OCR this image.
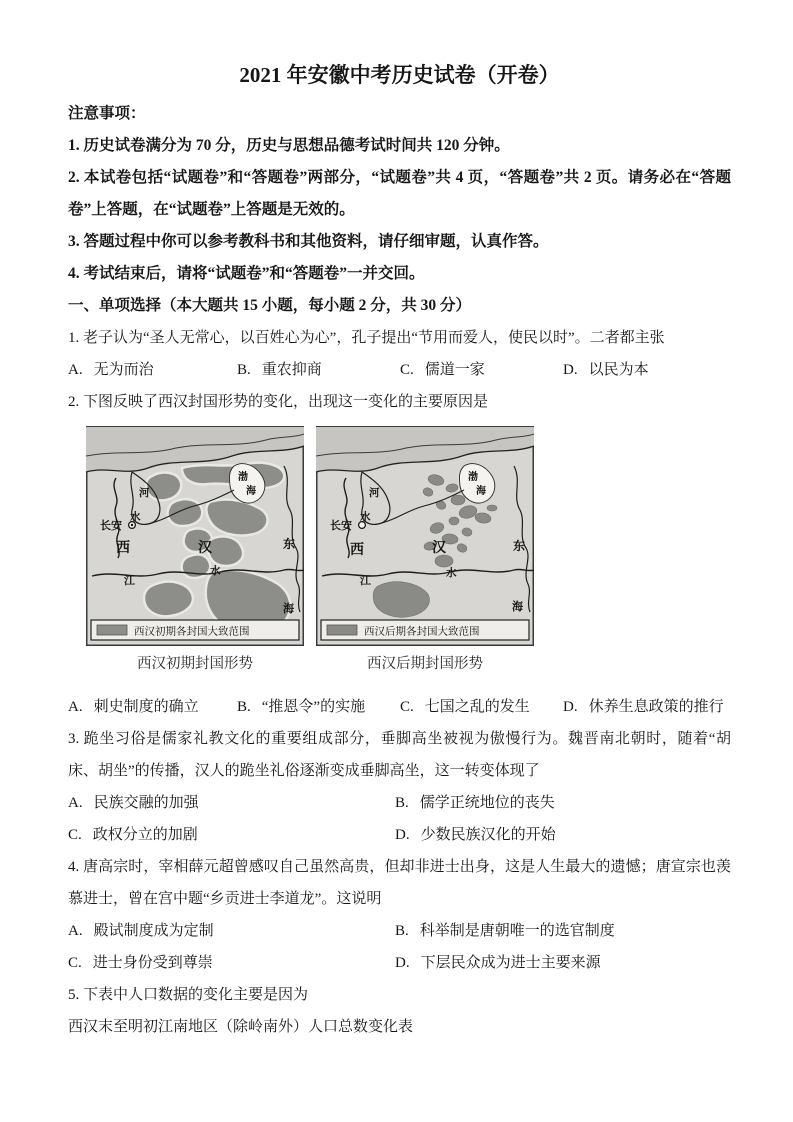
2021 年安徽中考历史试卷（开卷）

注意事项：

1. 历史试卷满分为 70 分，历史与思想品德考试时间共 120 分钟。

2. 本试卷包括“试题卷”和“答题卷”两部分，“试题卷”共 4 页，“答题卷”共 2 页。请务必在“答题卷”上答题，在“试题卷”上答题是无效的。

3. 答题过程中你可以参考教科书和其他资料，请仔细审题，认真作答。

4. 考试结束后，请将“试题卷”和“答题卷”一并交回。

一、单项选择（本大题共 15 小题，每小题 2 分，共 30 分）

1. 老子认为“圣人无常心，以百姓心为心”，孔子提出“节用而爱人，使民以时”。二者都主张

A. 无为而治	B. 重农抑商	C. 儒道一家	D. 以民为本

2. 下图反映了西汉封国形势的变化，出现这一变化的主要原因是

长安
西	汉	东
海
渤
海
河
水
水
江
西汉初期各封国大致范围

西汉初期封国形势

长安
西	汉	东
海
渤
海
河
水
水
江
西汉后期各封国大致范围

西汉后期封国形势

A. 刺史制度的确立	B. “推恩令”的实施 C. 七国之乱的发生 D. 休养生息政策的推行

3. 跪坐习俗是儒家礼教文化的重要组成部分，垂脚高坐被视为傲慢行为。魏晋南北朝时，随着“胡床、胡坐”的传播，汉人的跪坐礼俗逐渐变成垂脚高坐，这一转变体现了

A. 民族交融的加强	B. 儒学正统地位的丧失
C. 政权分立的加剧	D. 少数民族汉化的开始

4. 唐高宗时，宰相薛元超曾感叹自己虽然高贵，但却非进士出身，这是人生最大的遗憾；唐宣宗也羡慕进士，曾在宫中题“乡贡进士李道龙”。这说明

A. 殿试制度成为定制	B. 科举制是唐朝唯一的选官制度
C. 进士身份受到尊崇	D. 下层民众成为进士主要来源

5. 下表中人口数据的变化主要是因为

西汉末至明初江南地区（除岭南外）人口总数变化表
